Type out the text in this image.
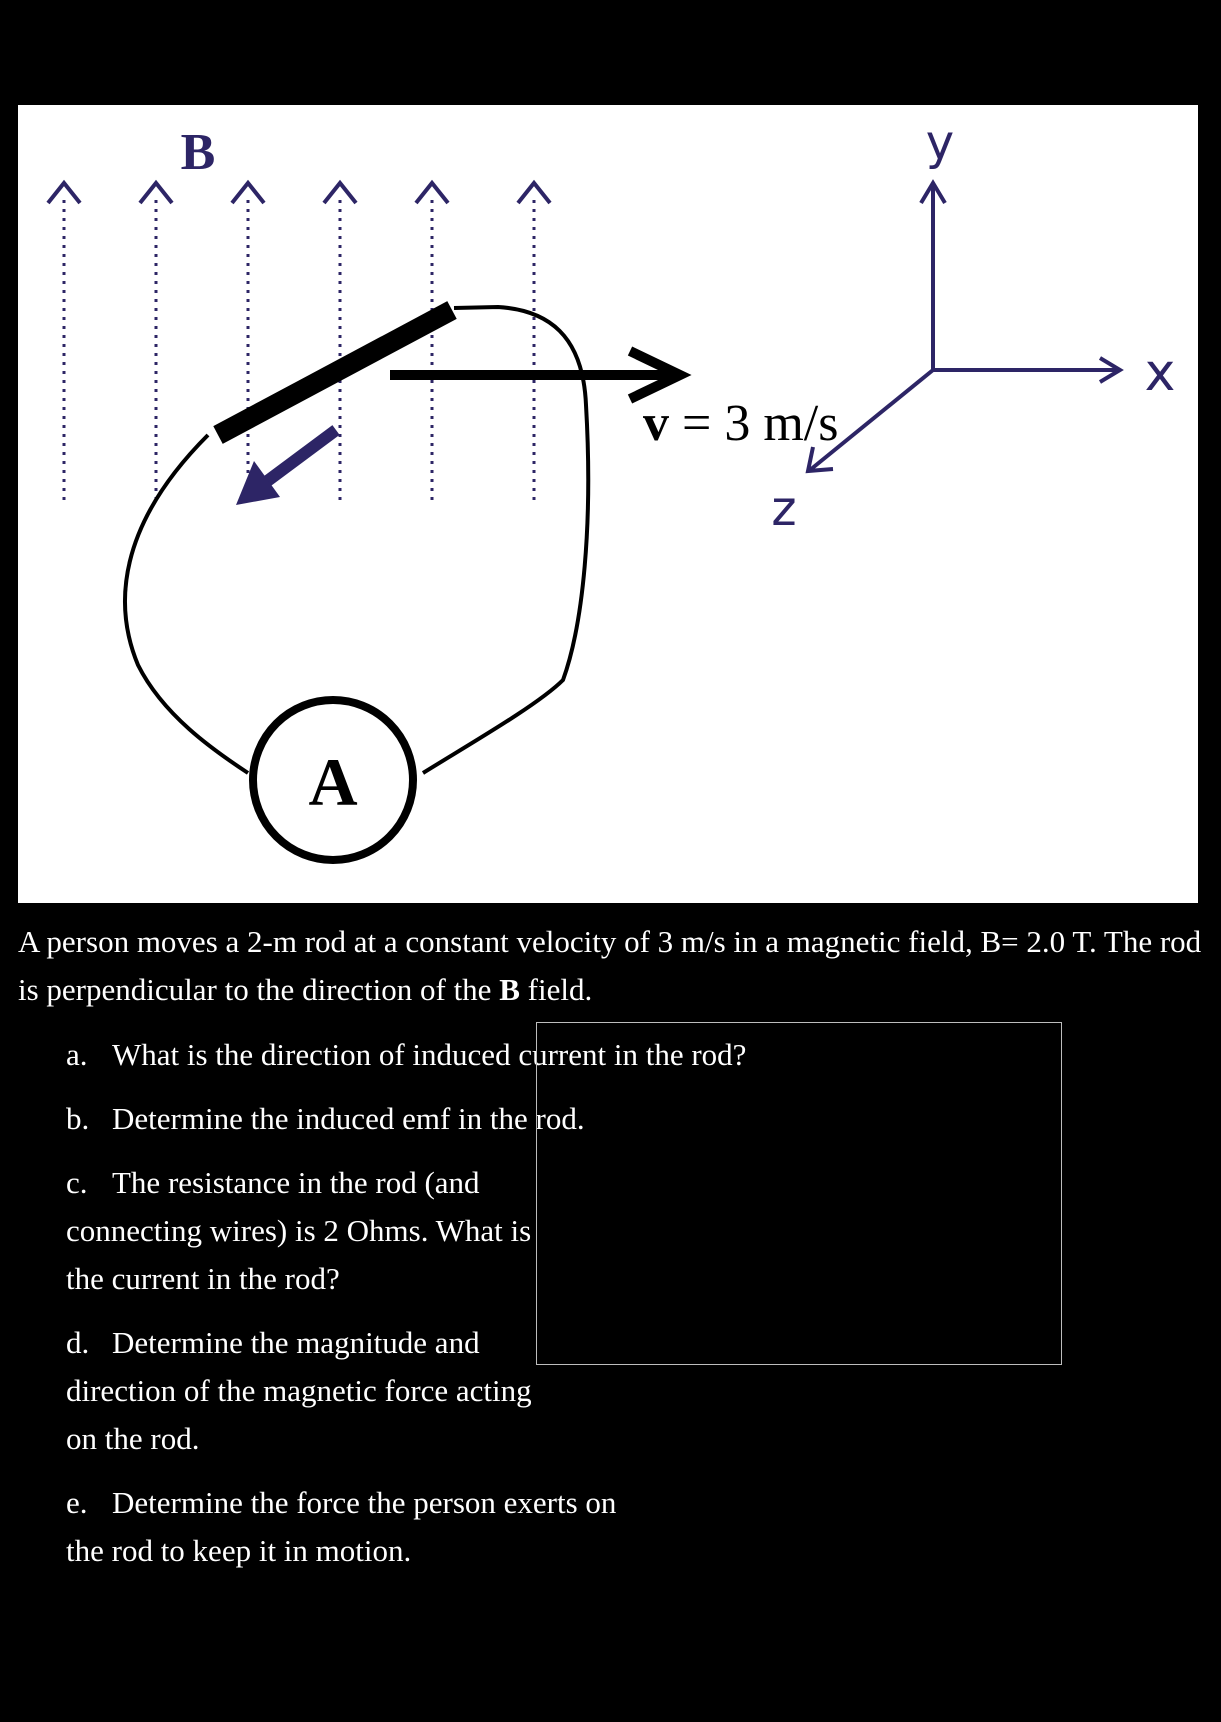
B
v = 3 m/s
A
y
x
z

A person moves a 2-m rod at a constant velocity of 3 m/s in a magnetic field, B= 2.0 T. The rod is perpendicular to the direction of the B field.

a. What is the direction of induced current in the rod?

b. Determine the induced emf in the rod.

c. The resistance in the rod (and connecting wires) is 2 Ohms. What is the current in the rod?

d. Determine the magnitude and direction of the magnetic force acting on the rod.

e. Determine the force the person exerts on the rod to keep it in motion.
